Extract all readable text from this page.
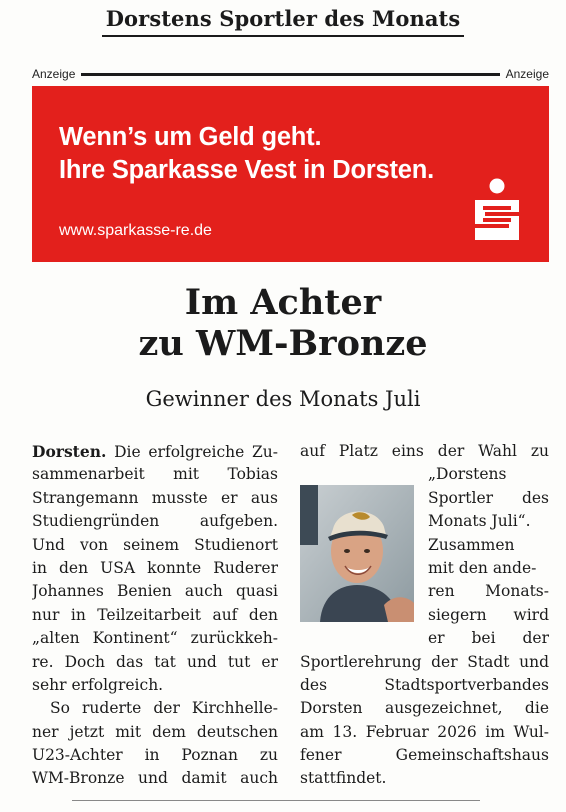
Dorstens Sportler des Monats
Anzeige	Anzeige
Wenn’s um Geld geht.
Ihre Sparkasse Vest in Dorsten.
www.sparkasse-re.de
Im Achter
zu WM-Bronze
Gewinner des Monats Juli
Dorsten. Die erfolgreiche Zu-
sammenarbeit mit Tobias
Strangemann musste er aus
Studiengründen aufgeben.
Und von seinem Studienort
in den USA konnte Ruderer
Johannes Benien auch quasi
nur in Teilzeitarbeit auf den
„alten Kontinent“ zurückkeh-
re. Doch das tat und tut er
sehr erfolgreich.
So ruderte der Kirchhelle-
ner jetzt mit dem deutschen
U23-Achter in Poznan zu
WM-Bronze und damit auch
auf Platz eins der Wahl zu
„Dorstens
Sportler des
Monats Juli“.
Zusammen
mit den ande-
ren Monats-
siegern wird
er bei der
Sportlerehrung der Stadt und
des Stadtsportverbandes
Dorsten ausgezeichnet, die
am 13. Februar 2026 im Wul-
fener Gemeinschaftshaus
stattfindet.
